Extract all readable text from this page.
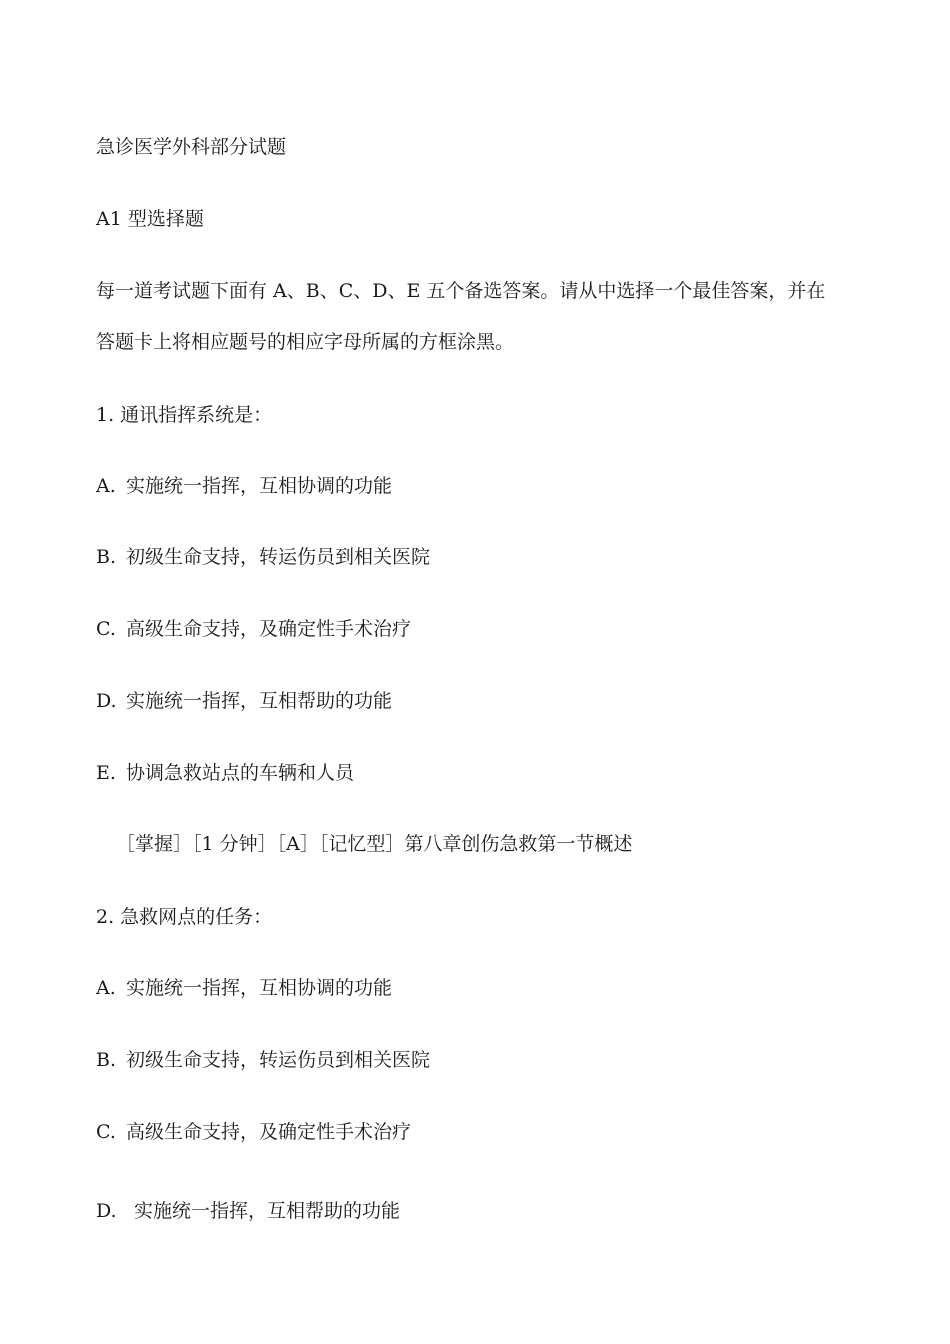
急诊医学外科部分试题
A1 型选择题
每一道考试题下面有 A、B、C、D、E 五个备选答案。请从中选择一个最佳答案，并在
答题卡上将相应题号的相应字母所属的方框涂黑。
1. 通讯指挥系统是：
A. 实施统一指挥，互相协调的功能
B. 初级生命支持，转运伤员到相关医院
C. 高级生命支持，及确定性手术治疗
D. 实施统一指挥，互相帮助的功能
E. 协调急救站点的车辆和人员
［掌握］［1 分钟］［A］［记忆型］第八章创伤急救第一节概述
2. 急救网点的任务：
A. 实施统一指挥，互相协调的功能
B. 初级生命支持，转运伤员到相关医院
C. 高级生命支持，及确定性手术治疗
D. 实施统一指挥，互相帮助的功能
